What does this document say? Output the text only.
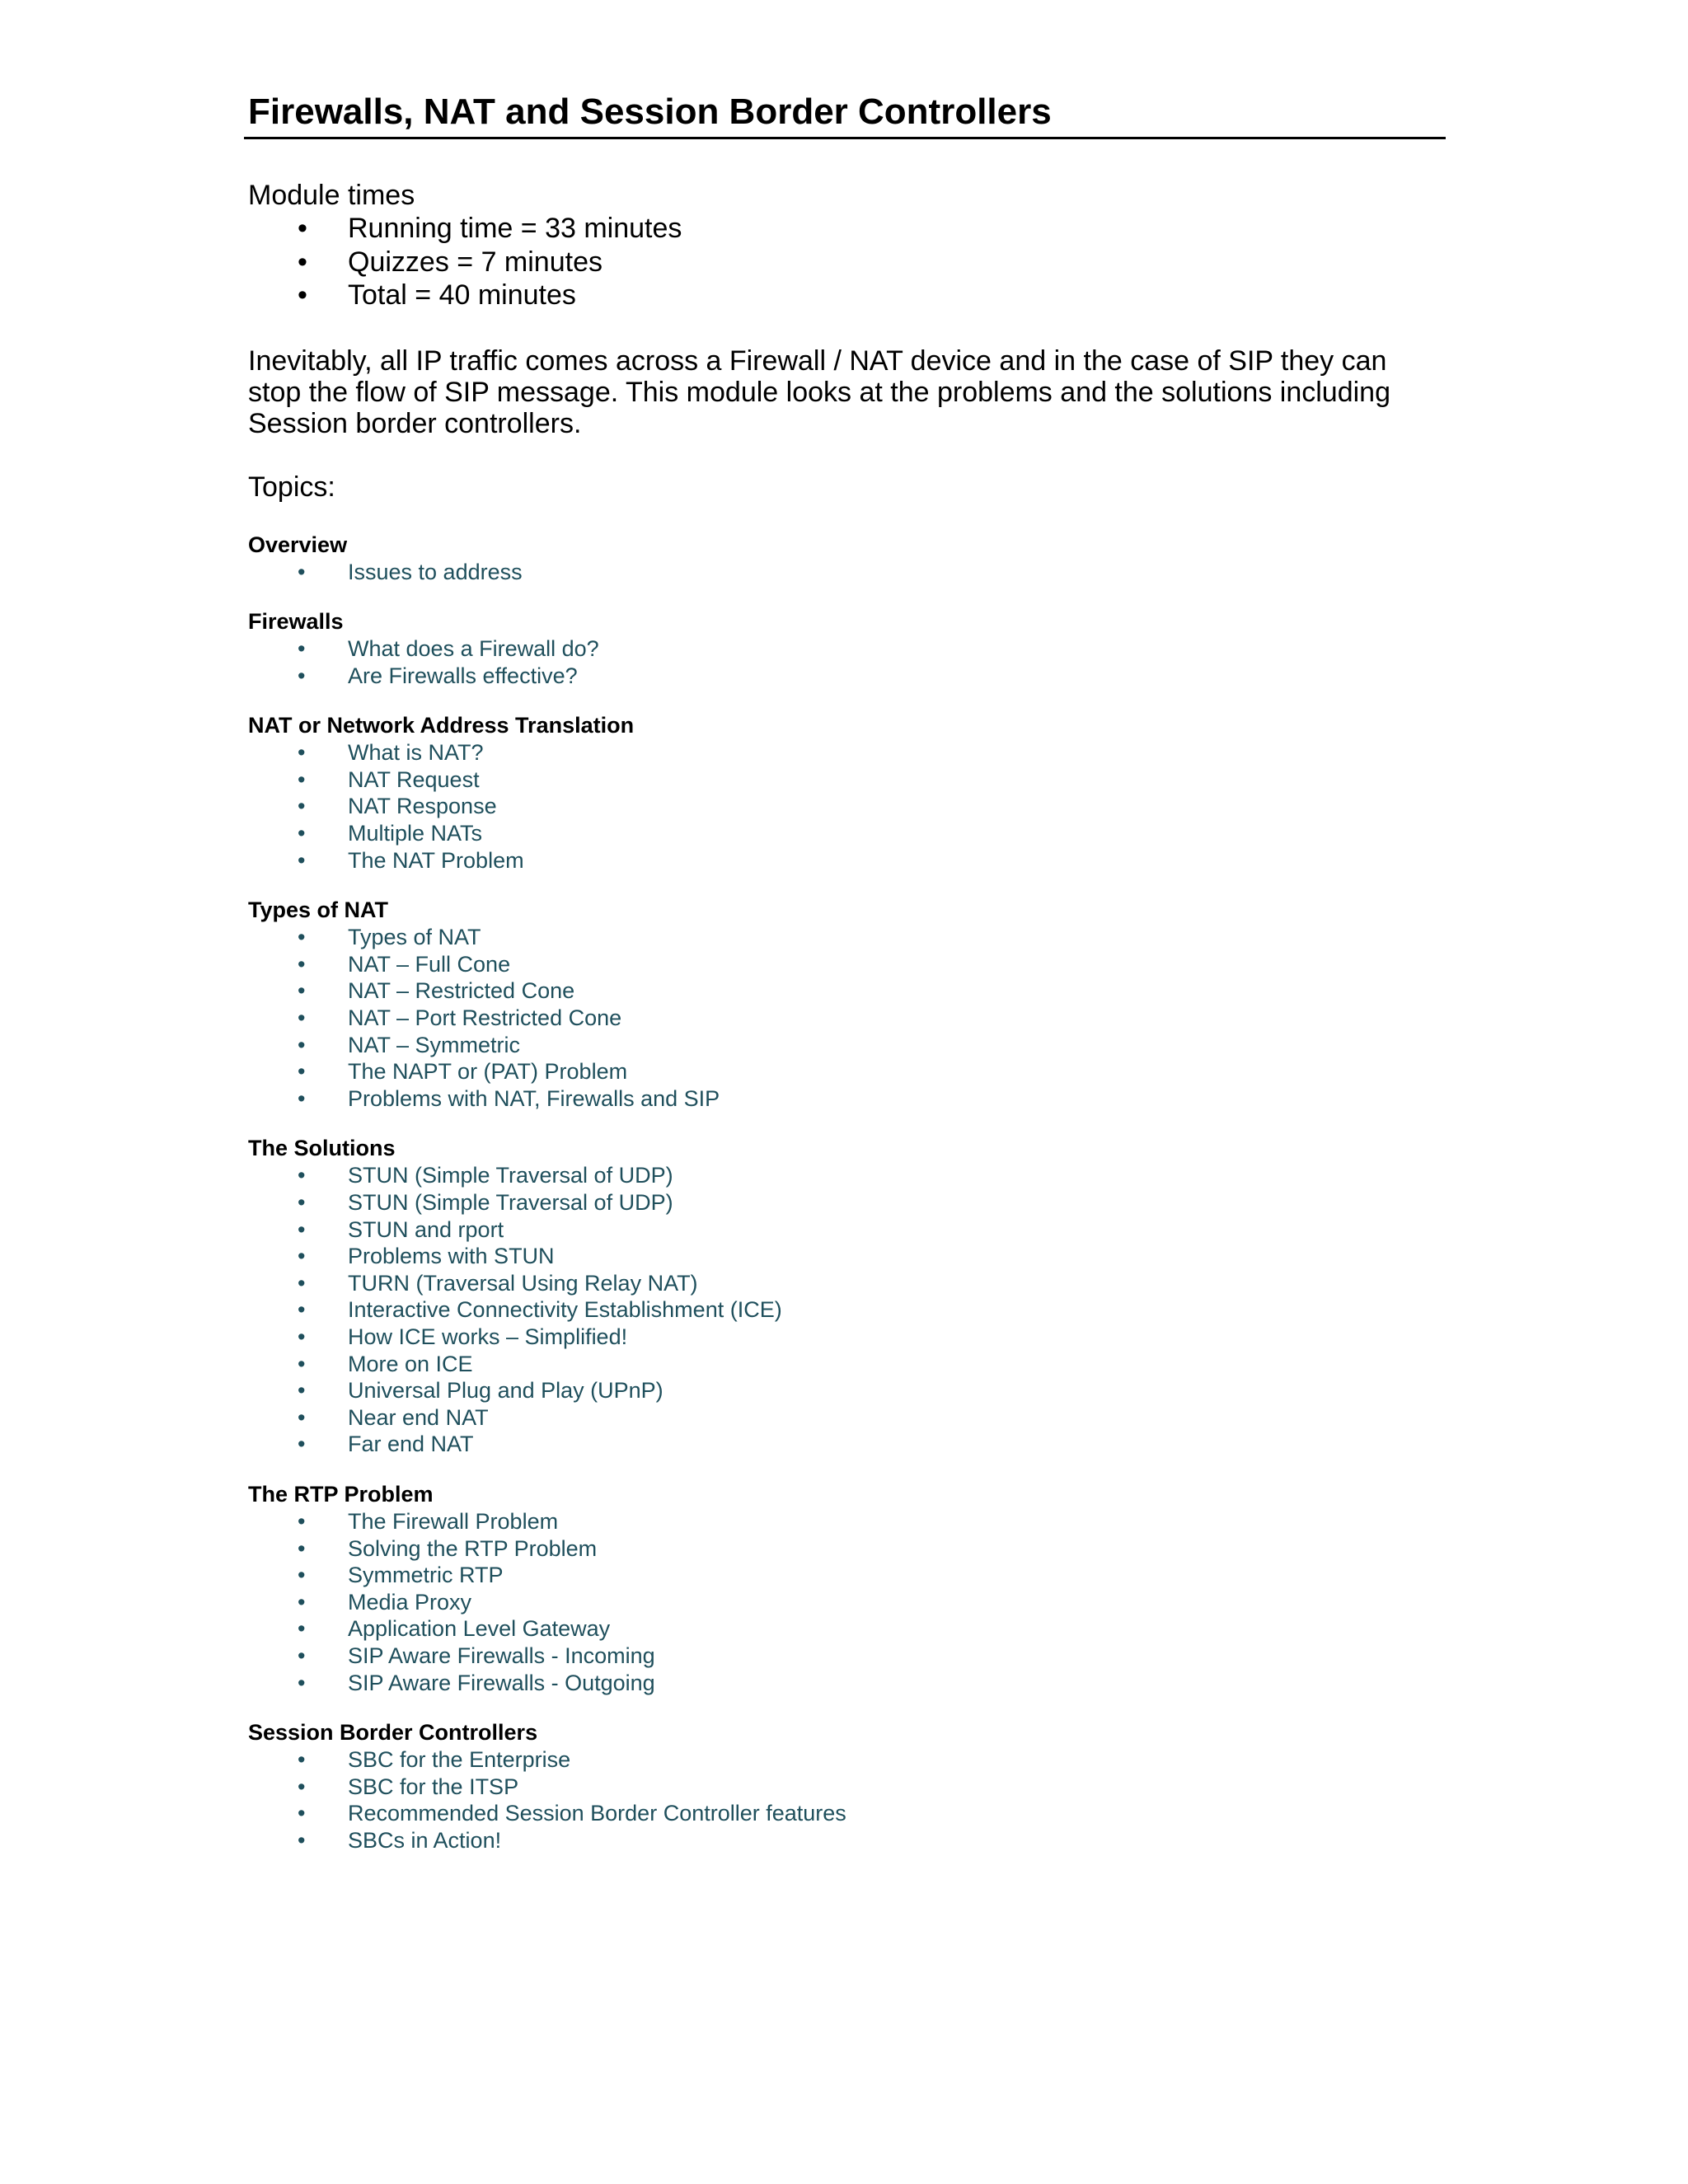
Firewalls, NAT and Session Border Controllers

Module times

• Running time = 33 minutes
• Quizzes = 7 minutes
• Total = 40 minutes

Inevitably, all IP traffic comes across a Firewall / NAT device and in the case of SIP they can stop the flow of SIP message. This module looks at the problems and the solutions including Session border controllers.

Topics:

Overview

• Issues to address

Firewalls

• What does a Firewall do?
• Are Firewalls effective?

NAT or Network Address Translation

• What is NAT?
• NAT Request
• NAT Response
• Multiple NATs
• The NAT Problem

Types of NAT

• Types of NAT
• NAT – Full Cone
• NAT – Restricted Cone
• NAT – Port Restricted Cone
• NAT – Symmetric
• The NAPT or (PAT) Problem
• Problems with NAT, Firewalls and SIP

The Solutions

• STUN (Simple Traversal of UDP)
• STUN (Simple Traversal of UDP)
• STUN and rport
• Problems with STUN
• TURN (Traversal Using Relay NAT)
• Interactive Connectivity Establishment (ICE)
• How ICE works – Simplified!
• More on ICE
• Universal Plug and Play (UPnP)
• Near end NAT
• Far end NAT

The RTP Problem

• The Firewall Problem
• Solving the RTP Problem
• Symmetric RTP
• Media Proxy
• Application Level Gateway
• SIP Aware Firewalls - Incoming
• SIP Aware Firewalls - Outgoing

Session Border Controllers

• SBC for the Enterprise
• SBC for the ITSP
• Recommended Session Border Controller features
• SBCs in Action!
